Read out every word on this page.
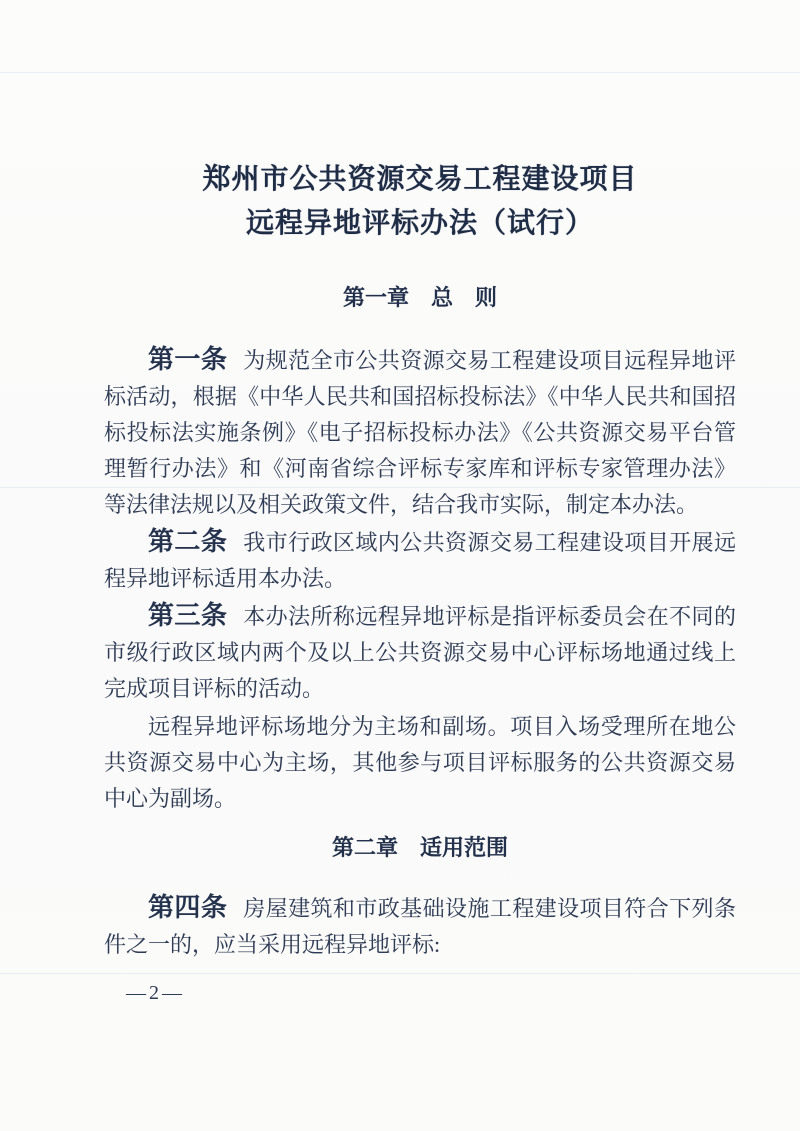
郑州市公共资源交易工程建设项目
远程异地评标办法（试行）
第一章　总　则

第一条 为规范全市公共资源交易工程建设项目远程异地评标活动，根据《中华人民共和国招标投标法》《中华人民共和国招标投标法实施条例》《电子招标投标办法》《公共资源交易平台管理暂行办法》和《河南省综合评标专家库和评标专家管理办法》等法律法规以及相关政策文件，结合我市实际，制定本办法。

第二条 我市行政区域内公共资源交易工程建设项目开展远程异地评标适用本办法。

第三条 本办法所称远程异地评标是指评标委员会在不同的市级行政区域内两个及以上公共资源交易中心评标场地通过线上完成项目评标的活动。

远程异地评标场地分为主场和副场。项目入场受理所在地公共资源交易中心为主场，其他参与项目评标服务的公共资源交易中心为副场。

第二章　适用范围

第四条 房屋建筑和市政基础设施工程建设项目符合下列条件之一的，应当采用远程异地评标:

—2—
